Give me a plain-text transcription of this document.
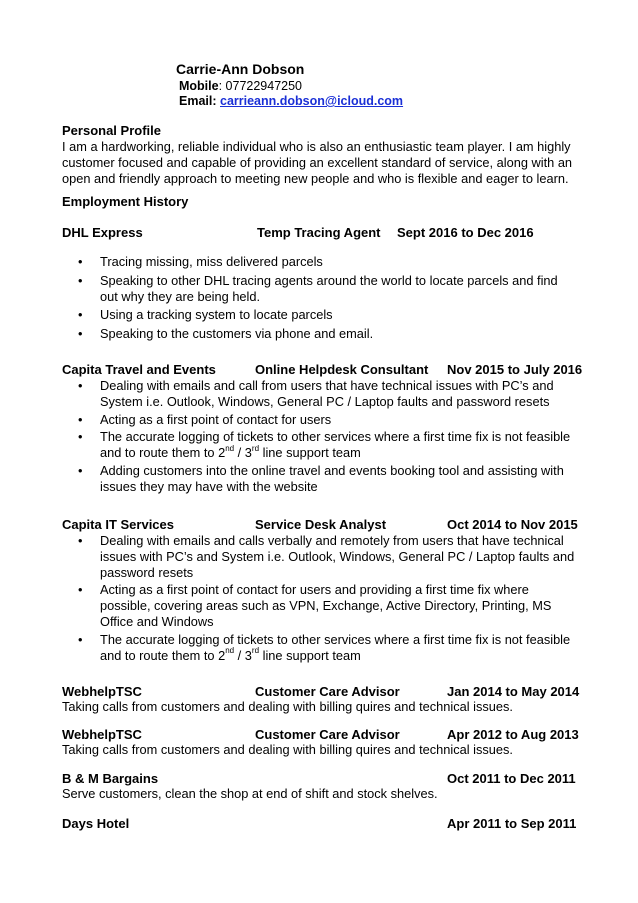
Carrie-Ann Dobson
Mobile: 07722947250
Email: carrieann.dobson@icloud.com
Personal Profile
I am a hardworking, reliable individual who is also an enthusiastic team player. I am highly
customer focused and capable of providing an excellent standard of service, along with an
open and friendly approach to meeting new people and who is flexible and eager to learn.
Employment History
DHL Express	Temp Tracing Agent Sept 2016 to Dec 2016
• Tracing missing, miss delivered parcels
• Speaking to other DHL tracing agents around the world to locate parcels and find
out why they are being held.
• Using a tracking system to locate parcels
• Speaking to the customers via phone and email.
Capita Travel and Events	Online Helpdesk Consultant Nov 2015 to July 2016
• Dealing with emails and call from users that have technical issues with PC’s and
System i.e. Outlook, Windows, General PC / Laptop faults and password resets
• Acting as a first point of contact for users
• The accurate logging of tickets to other services where a first time fix is not feasible
and to route them to 2nd / 3rd line support team
• Adding customers into the online travel and events booking tool and assisting with
issues they may have with the website
Capita IT Services	Service Desk Analyst	Oct 2014 to Nov 2015
• Dealing with emails and calls verbally and remotely from users that have technical
issues with PC’s and System i.e. Outlook, Windows, General PC / Laptop faults and
password resets
• Acting as a first point of contact for users and providing a first time fix where
possible, covering areas such as VPN, Exchange, Active Directory, Printing, MS
Office and Windows
• The accurate logging of tickets to other services where a first time fix is not feasible
and to route them to 2nd / 3rd line support team
WebhelpTSC	Customer Care Advisor	Jan 2014 to May 2014
Taking calls from customers and dealing with billing quires and technical issues.
WebhelpTSC	Customer Care Advisor	Apr 2012 to Aug 2013
Taking calls from customers and dealing with billing quires and technical issues.
B & M Bargains	Oct 2011 to Dec 2011
Serve customers, clean the shop at end of shift and stock shelves.
Days Hotel	Apr 2011 to Sep 2011
